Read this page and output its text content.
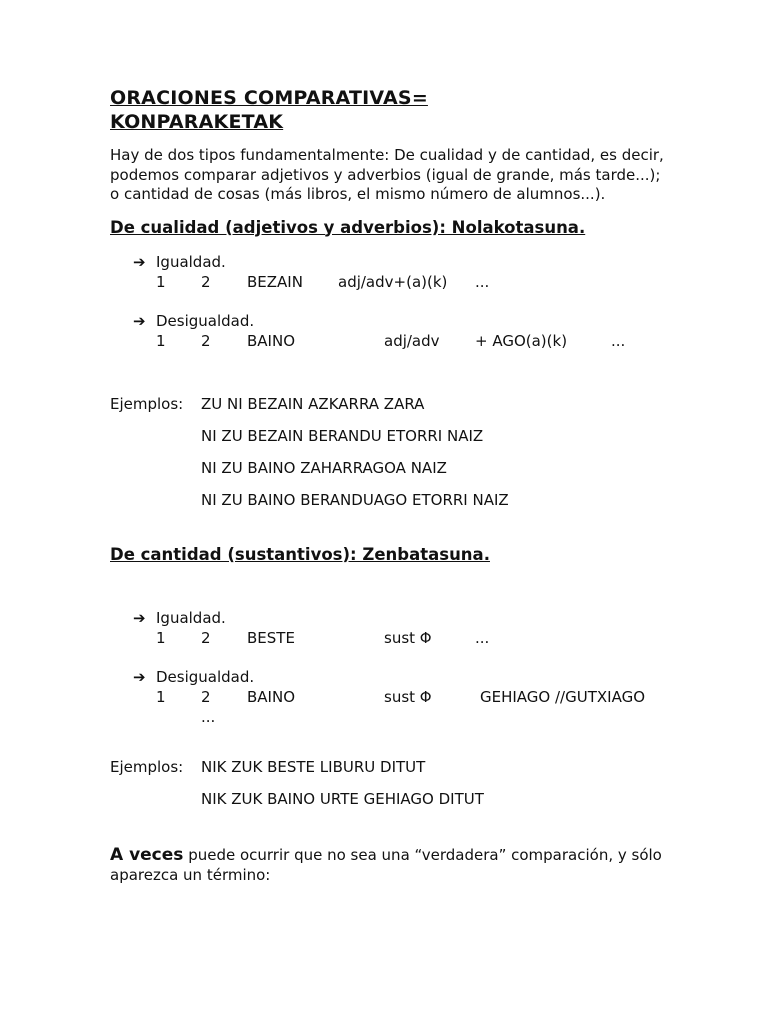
ORACIONES COMPARATIVAS=
KONPARAKETAK

Hay de dos tipos fundamentalmente: De cualidad y de cantidad, es decir, podemos comparar adjetivos y adverbios (igual de grande, más tarde...); o cantidad de cosas (más libros, el mismo número de alumnos...).

De cualidad (adjetivos y adverbios): Nolakotasuna.
➔ Igualdad.
1 2 BEZAIN adj/adv+(a)(k) ...
➔ Desigualdad.
1 2 BAINO	adj/adv + AGO(a)(k)	...
Ejemplos: ZU NI BEZAIN AZKARRA ZARA
NI ZU BEZAIN BERANDU ETORRI NAIZ
NI ZU BAINO ZAHARRAGOA NAIZ
NI ZU BAINO BERANDUAGO ETORRI NAIZ
De cantidad (sustantivos): Zenbatasuna.
➔ Igualdad.
1 2 BESTE	sust Φ	...
➔ Desigualdad.
1 2 BAINO	sust Φ	GEHIAGO //GUTXIAGO
...
Ejemplos: NIK ZUK BESTE LIBURU DITUT
NIK ZUK BAINO URTE GEHIAGO DITUT

A veces puede ocurrir que no sea una “verdadera” comparación, y sólo aparezca un término:
